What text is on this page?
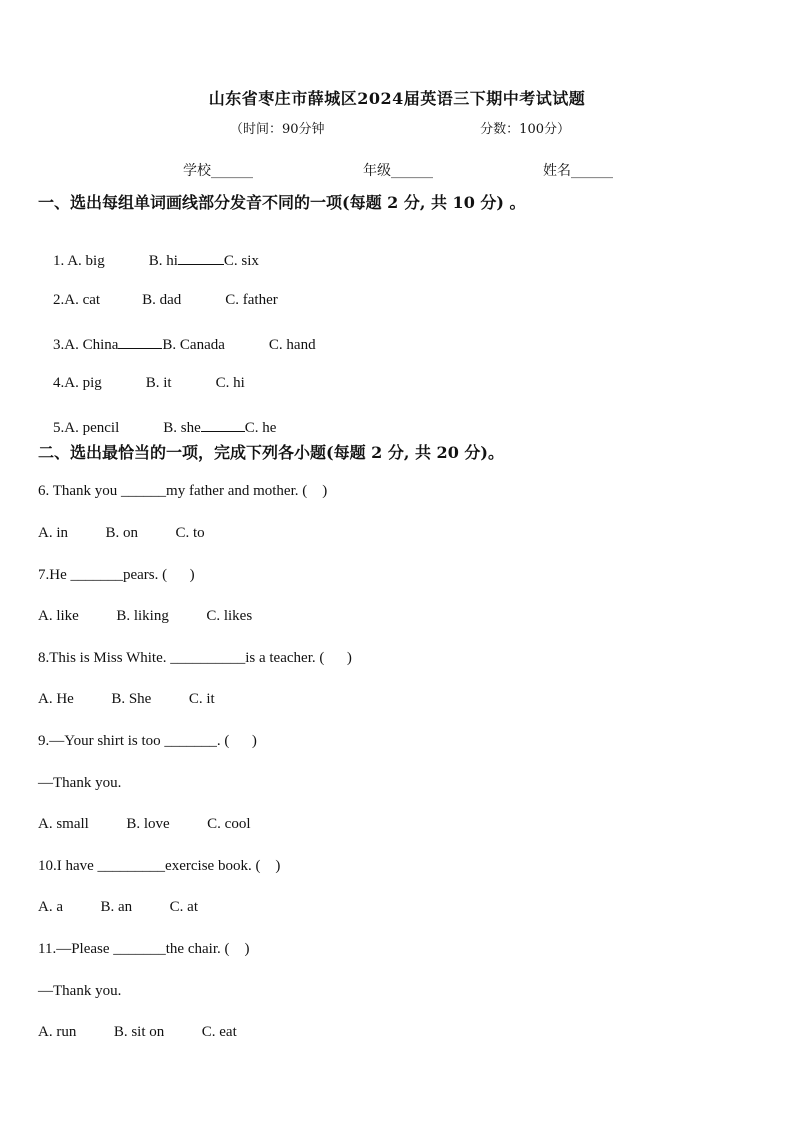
山东省枣庄市薛城区2024届英语三下期中考试试题
（时间：90分钟	分数：100分）
学校______	年级______	姓名______
一、选出每组单词画线部分发音不同的一项(每题 2 分, 共 10 分) 。

1. A. big	B. hi	C. six

2.A. cat	B. dad	C. father

3.A. China	B. Canada	C. hand

4.A. pig	B. it	C. hi

5.A. pencil	B. she	C. he

二、选出最恰当的一项，完成下列各小题(每题 2 分, 共 20 分)。
6. Thank you ______my father and mother. (    )
A. in          B. on          C. to
7.He _______pears. (      )
A. like          B. liking          C. likes
8.This is Miss White. __________is a teacher. (      )
A. He          B. She          C. it
9.—Your shirt is too _______. (      )
—Thank you.
A. small          B. love          C. cool
10.I have _________exercise book. (    )
A. a          B. an          C. at
11.—Please _______the chair. (    )
—Thank you.
A. run          B. sit on          C. eat
